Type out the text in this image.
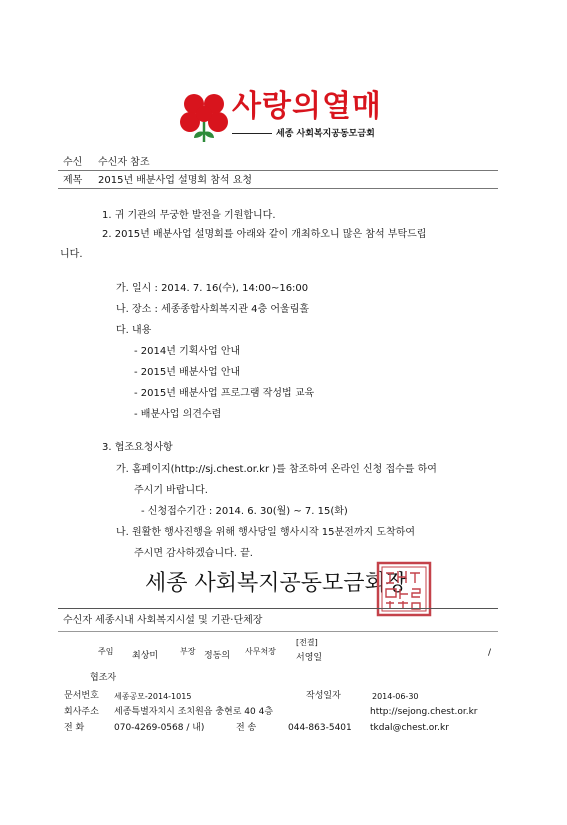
사랑의열매
세종 사회복지공동모금회
수신 수신자 참조
제목 2015년 배분사업 설명회 참석 요청
1. 귀 기관의 무궁한 발전을 기원합니다.
2. 2015년 배분사업 설명회를 아래와 같이 개최하오니 많은 참석 부탁드립
니다.
가. 일시 : 2014. 7. 16(수), 14:00~16:00
나. 장소 : 세종종합사회복지관 4층 어울림홀
다. 내용
- 2014년 기획사업 안내
- 2015년 배분사업 안내
- 2015년 배분사업 프로그램 작성법 교육
- 배분사업 의견수렴
3. 협조요청사항
가. 홈페이지(http://sj.chest.or.kr )를 참조하여 온라인 신청 접수를 하여
주시기 바랍니다.
- 신청접수기간 : 2014. 6. 30(월) ~ 7. 15(화)
나. 원활한 행사진행을 위해 행사당일 행사시작 15분전까지 도착하여
주시면 감사하겠습니다. 끝.
세종 사회복지공동모금회장
수신자 세종시내 사회복지시설 및 기관·단체장
주임 최상미	부장 정동의 사무처장
[전결]
서영일	/
협조자
문서번호 세종공모-2014-1015	작성일자	2014-06-30
회사주소 세종특별자치시 조치원읍 충현로 40 4층	http://sejong.chest.or.kr
전 화	070-4269-0568 / 내)	전 송	044-863-5401 tkdal@chest.or.kr
